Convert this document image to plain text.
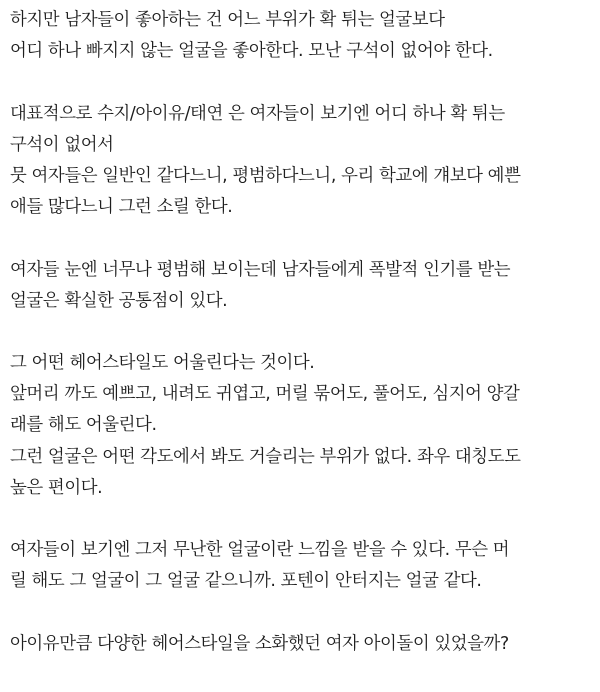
하지만 남자들이 좋아하는 건 어느 부위가 확 튀는 얼굴보다
어디 하나 빠지지 않는 얼굴을 좋아한다. 모난 구석이 없어야 한다.
대표적으로 수지/아이유/태연 은 여자들이 보기엔 어디 하나 확 튀는
구석이 없어서
뭇 여자들은 일반인 같다느니, 평범하다느니, 우리 학교에 걔보다 예쁜
애들 많다느니 그런 소릴 한다.
여자들 눈엔 너무나 평범해 보이는데 남자들에게 폭발적 인기를 받는
얼굴은 확실한 공통점이 있다.
그 어떤 헤어스타일도 어울린다는 것이다.
앞머리 까도 예쁘고, 내려도 귀엽고, 머릴 묶어도, 풀어도, 심지어 양갈
래를 해도 어울린다.
그런 얼굴은 어떤 각도에서 봐도 거슬리는 부위가 없다. 좌우 대칭도도
높은 편이다.
여자들이 보기엔 그저 무난한 얼굴이란 느낌을 받을 수 있다. 무슨 머
릴 해도 그 얼굴이 그 얼굴 같으니까. 포텐이 안터지는 얼굴 같다.
아이유만큼 다양한 헤어스타일을 소화했던 여자 아이돌이 있었을까?
